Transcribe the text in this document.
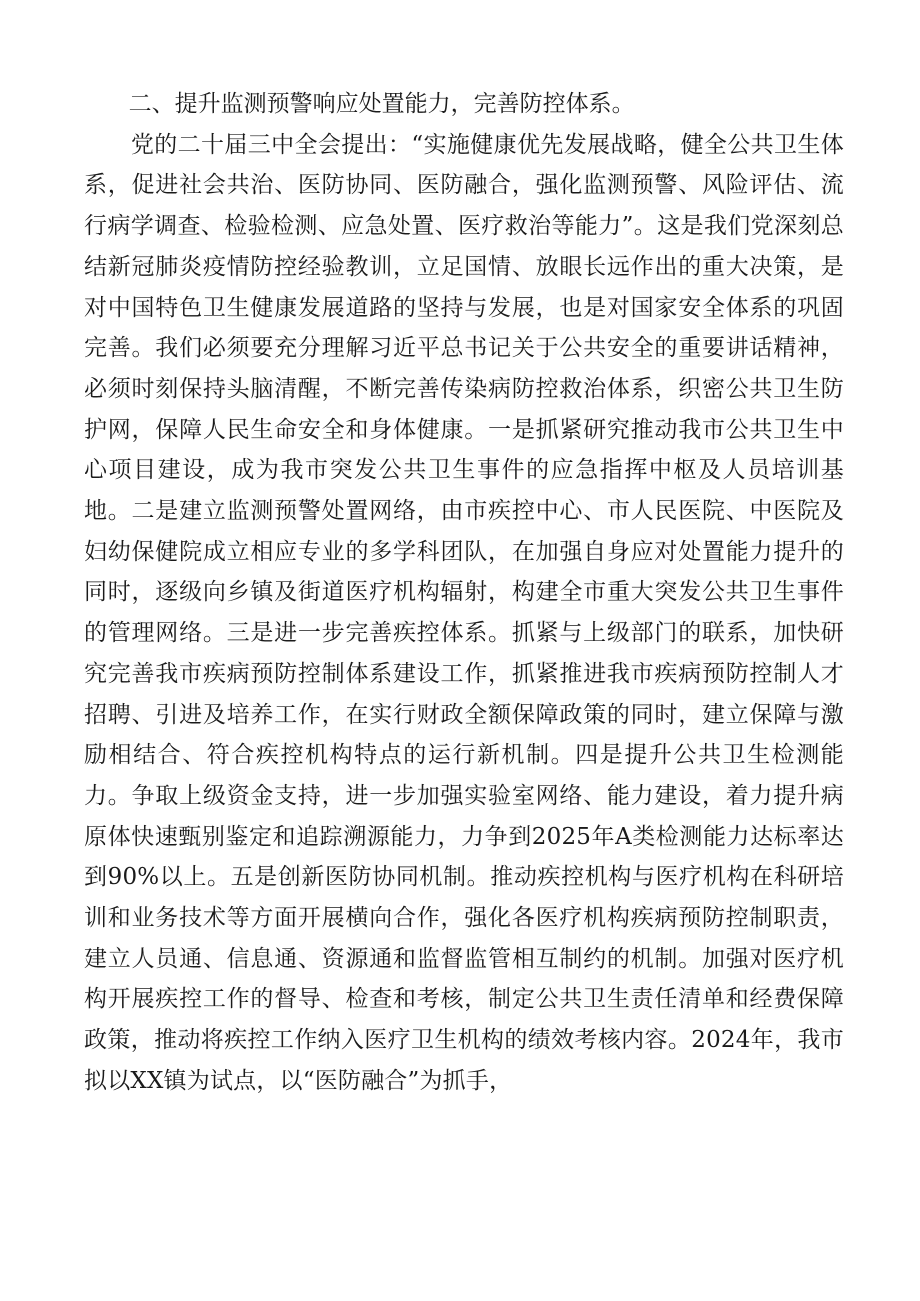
二、提升监测预警响应处置能力，完善防控体系。

党的二十届三中全会提出：“实施健康优先发展战略，健全公共卫生体系，促进社会共治、医防协同、医防融合，强化监测预警、风险评估、流行病学调查、检验检测、应急处置、医疗救治等能力”。这是我们党深刻总结新冠肺炎疫情防控经验教训，立足国情、放眼长远作出的重大决策，是对中国特色卫生健康发展道路的坚持与发展，也是对国家安全体系的巩固完善。我们必须要充分理解习近平总书记关于公共安全的重要讲话精神，必须时刻保持头脑清醒，不断完善传染病防控救治体系，织密公共卫生防护网，保障人民生命安全和身体健康。一是抓紧研究推动我市公共卫生中心项目建设，成为我市突发公共卫生事件的应急指挥中枢及人员培训基地。二是建立监测预警处置网络，由市疾控中心、市人民医院、中医院及妇幼保健院成立相应专业的多学科团队，在加强自身应对处置能力提升的同时，逐级向乡镇及街道医疗机构辐射，构建全市重大突发公共卫生事件的管理网络。三是进一步完善疾控体系。抓紧与上级部门的联系，加快研究完善我市疾病预防控制体系建设工作，抓紧推进我市疾病预防控制人才招聘、引进及培养工作，在实行财政全额保障政策的同时，建立保障与激励相结合、符合疾控机构特点的运行新机制。四是提升公共卫生检测能力。争取上级资金支持，进一步加强实验室网络、能力建设，着力提升病原体快速甄别鉴定和追踪溯源能力，力争到2025年A类检测能力达标率达到90%以上。五是创新医防协同机制。推动疾控机构与医疗机构在科研培训和业务技术等方面开展横向合作，强化各医疗机构疾病预防控制职责，建立人员通、信息通、资源通和监督监管相互制约的机制。加强对医疗机构开展疾控工作的督导、检查和考核，制定公共卫生责任清单和经费保障政策，推动将疾控工作纳入医疗卫生机构的绩效考核内容。2024年，我市拟以XX镇为试点，以“医防融合”为抓手，
